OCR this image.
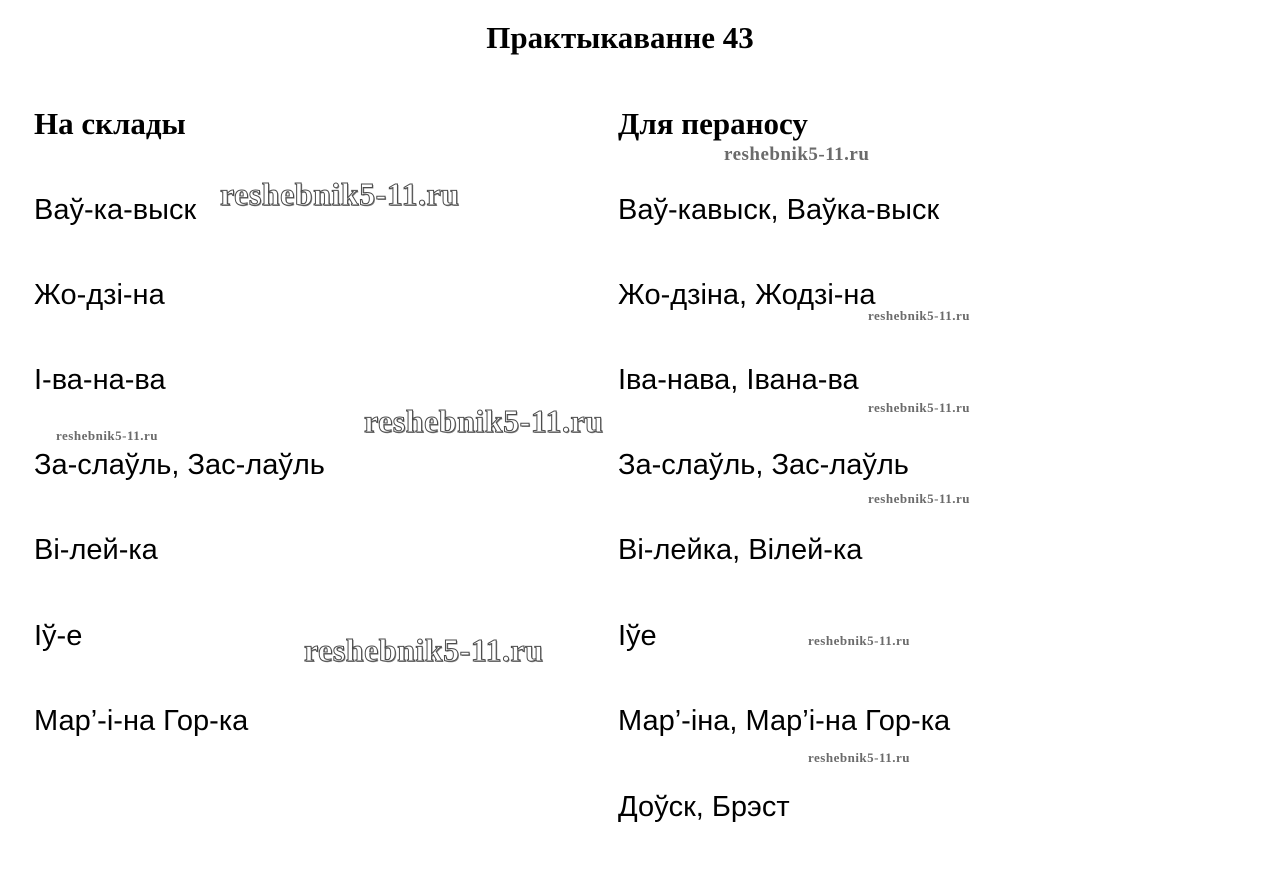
Практыкаванне 43
На склады	Для пераносу
Ваў-ка-выск
Жо-дзі-на
І-ва-на-ва
За-слаўль, Зас-лаўль
Ві-лей-ка
Іў-е
Мар’-і-на Гор-ка
Ваў-кавыск, Ваўка-выск
Жо-дзіна, Жодзі-на
Іва-нава, Івана-ва
За-слаўль, Зас-лаўль
Ві-лейка, Вілей-ка
Іўе
Мар’-іна, Мар’і-на Гор-ка
Доўск, Брэст
reshebnik5-11.ru
reshebnik5-11.ru
reshebnik5-11.ru
reshebnik5-11.ru
reshebnik5-11.ru
reshebnik5-11.ru
reshebnik5-11.ru
reshebnik5-11.ru
reshebnik5-11.ru
reshebnik5-11.ru
